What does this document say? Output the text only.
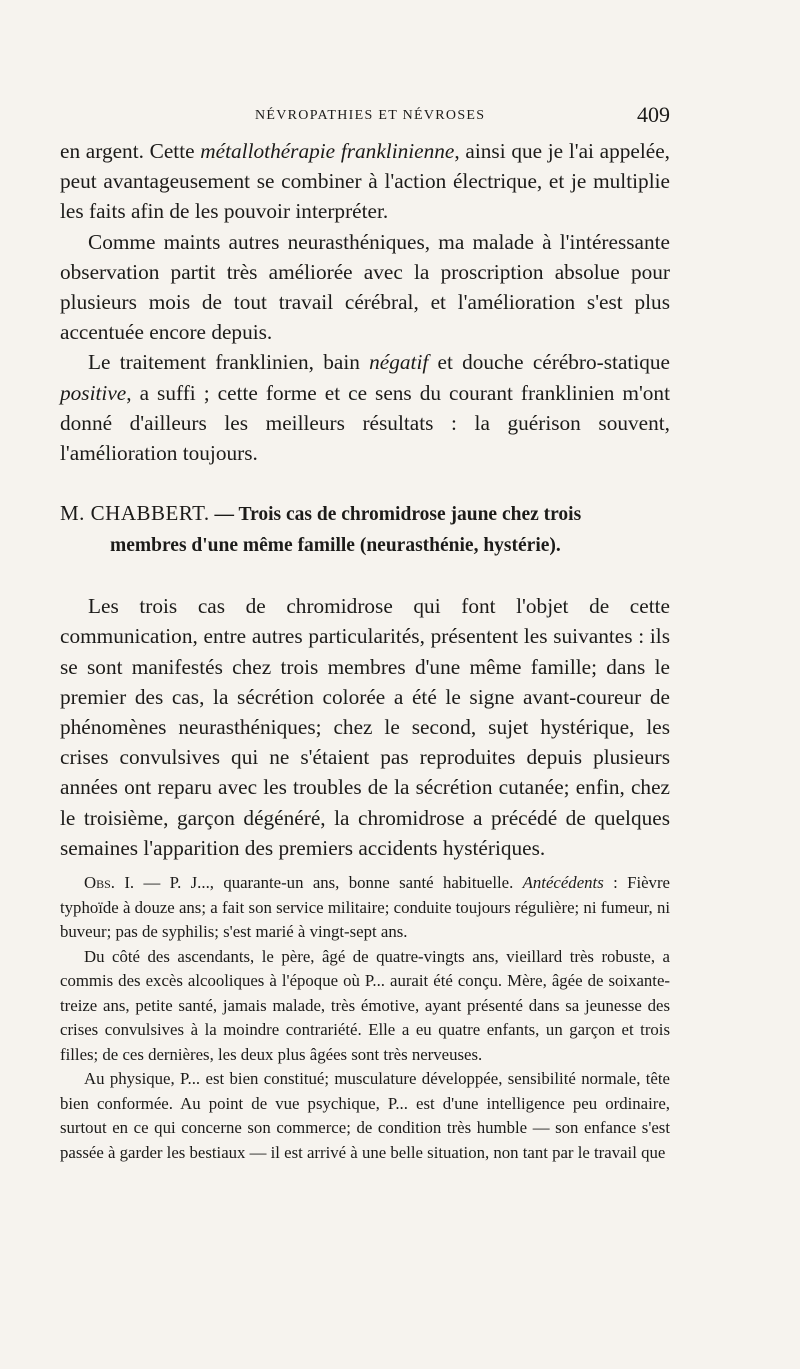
NÉVROPATHIES ET NÉVROSES	409

en argent. Cette métallothérapie franklinienne, ainsi que je l'ai appelée, peut avantageusement se combiner à l'action électrique, et je multiplie les faits afin de les pouvoir interpréter.

Comme maints autres neurasthéniques, ma malade à l'intéressante observation partit très améliorée avec la proscription absolue pour plusieurs mois de tout travail cérébral, et l'amélioration s'est plus accentuée encore depuis.

Le traitement franklinien, bain négatif et douche cérébro-statique positive, a suffi ; cette forme et ce sens du courant franklinien m'ont donné d'ailleurs les meilleurs résultats : la guérison souvent, l'amélioration toujours.

M. CHABBERT. — Trois cas de chromidrose jaune chez trois
membres d'une même famille (neurasthénie, hystérie).

Les trois cas de chromidrose qui font l'objet de cette communication, entre autres particularités, présentent les suivantes : ils se sont manifestés chez trois membres d'une même famille; dans le premier des cas, la sécrétion colorée a été le signe avant-coureur de phénomènes neurasthéniques; chez le second, sujet hystérique, les crises convulsives qui ne s'étaient pas reproduites depuis plusieurs années ont reparu avec les troubles de la sécrétion cutanée; enfin, chez le troisième, garçon dégénéré, la chromidrose a précédé de quelques semaines l'apparition des premiers accidents hystériques.

Obs. I. — P. J..., quarante-un ans, bonne santé habituelle. Antécédents : Fièvre typhoïde à douze ans; a fait son service militaire; conduite toujours régulière; ni fumeur, ni buveur; pas de syphilis; s'est marié à vingt-sept ans.

Du côté des ascendants, le père, âgé de quatre-vingts ans, vieillard très robuste, a commis des excès alcooliques à l'époque où P... aurait été conçu. Mère, âgée de soixante-treize ans, petite santé, jamais malade, très émotive, ayant présenté dans sa jeunesse des crises convulsives à la moindre contrariété. Elle a eu quatre enfants, un garçon et trois filles; de ces dernières, les deux plus âgées sont très nerveuses.

Au physique, P... est bien constitué; musculature développée, sensibilité normale, tête bien conformée. Au point de vue psychique, P... est d'une intelligence peu ordinaire, surtout en ce qui concerne son commerce; de condition très humble — son enfance s'est passée à garder les bestiaux — il est arrivé à une belle situation, non tant par le travail que
